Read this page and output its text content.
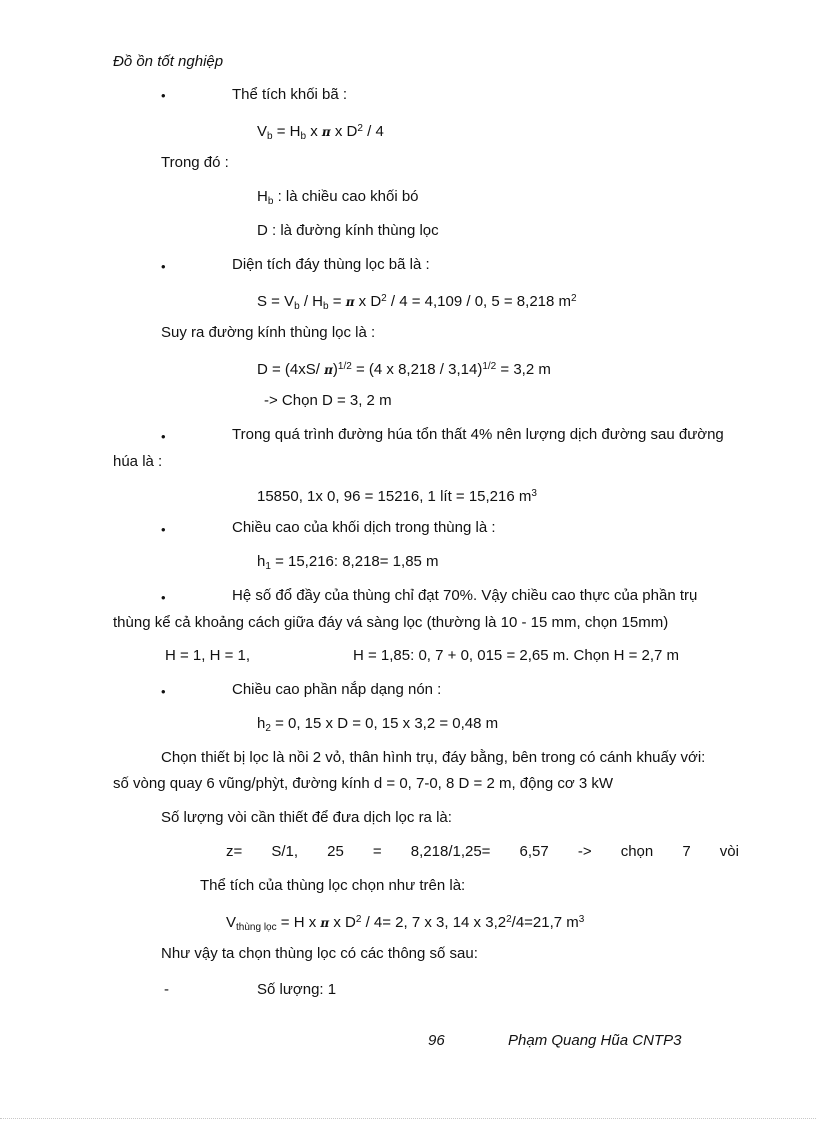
Đồ ồn tốt nghiệp
•	Thể tích khối bã :
$V_b = H_b$ x π x $D^2 / 4$
Trong đó :
$H_b$ : là chiều cao khối bó
D : là đường kính thùng lọc
•	Diện tích đáy thùng lọc bã là :
$S = V_b / H_b = \pi$ x $D^2 / 4 = 4,109 / 0$, 5 = 8,218 $m^2$
Suy ra đường kính thùng lọc là :
D = (4xS/ π)$^{1/2}$ = (4 x 8,218 / 3,14)$^{1/2}$ = 3,2 m
-> Chọn D = 3, 2 m
•	Trong quá trình đường húa tổn thất 4% nên lượng dịch đường sau đường
húa là :
15850, 1x 0, 96 = 15216, 1 lít = 15,216 $m^3$
•	Chiều cao của khối dịch trong thùng là :
$h_1 = 15,216$: 8,218= 1,85 m
•	Hệ số đổ đầy của thùng chỉ đạt 70%. Vậy chiều cao thực của phần trụ
thùng kể cả khoảng cách giữa đáy vá sàng lọc (thường là 10 - 15 mm, chọn 15mm)
H = 1, H = 1,	H = 1,85: 0, 7 + 0, 015 = 2,65 m. Chọn H = 2,7 m
•	Chiều cao phần nắp dạng nón :
$h_2 = 0$, 15 x D = 0, 15 x 3,2 = 0,48 m
Chọn thiết bị lọc là nồi 2 vỏ, thân hình trụ, đáy bằng, bên trong có cánh khuấy với:
số vòng quay 6 vũng/phỳt, đường kính d = 0, 7-0, 8 D = 2 m, động cơ 3 kW
Số lượng vòi cần thiết để đưa dịch lọc ra là:
z= S/1, 25 = 8,218/1,25= 6,57 -> chọn 7 vòi
Thể tích của thùng lọc chọn như trên là:
$V_{thùng lọc} = H$ x π x $D^2 / 4= 2$, 7 x 3, 14 x $3,2^2/4=21,7$ $m^3$
Như vậy ta chọn thùng lọc có các thông số sau:
-	Số lượng: 1
96	Phạm Quang Hũa CNTP3
